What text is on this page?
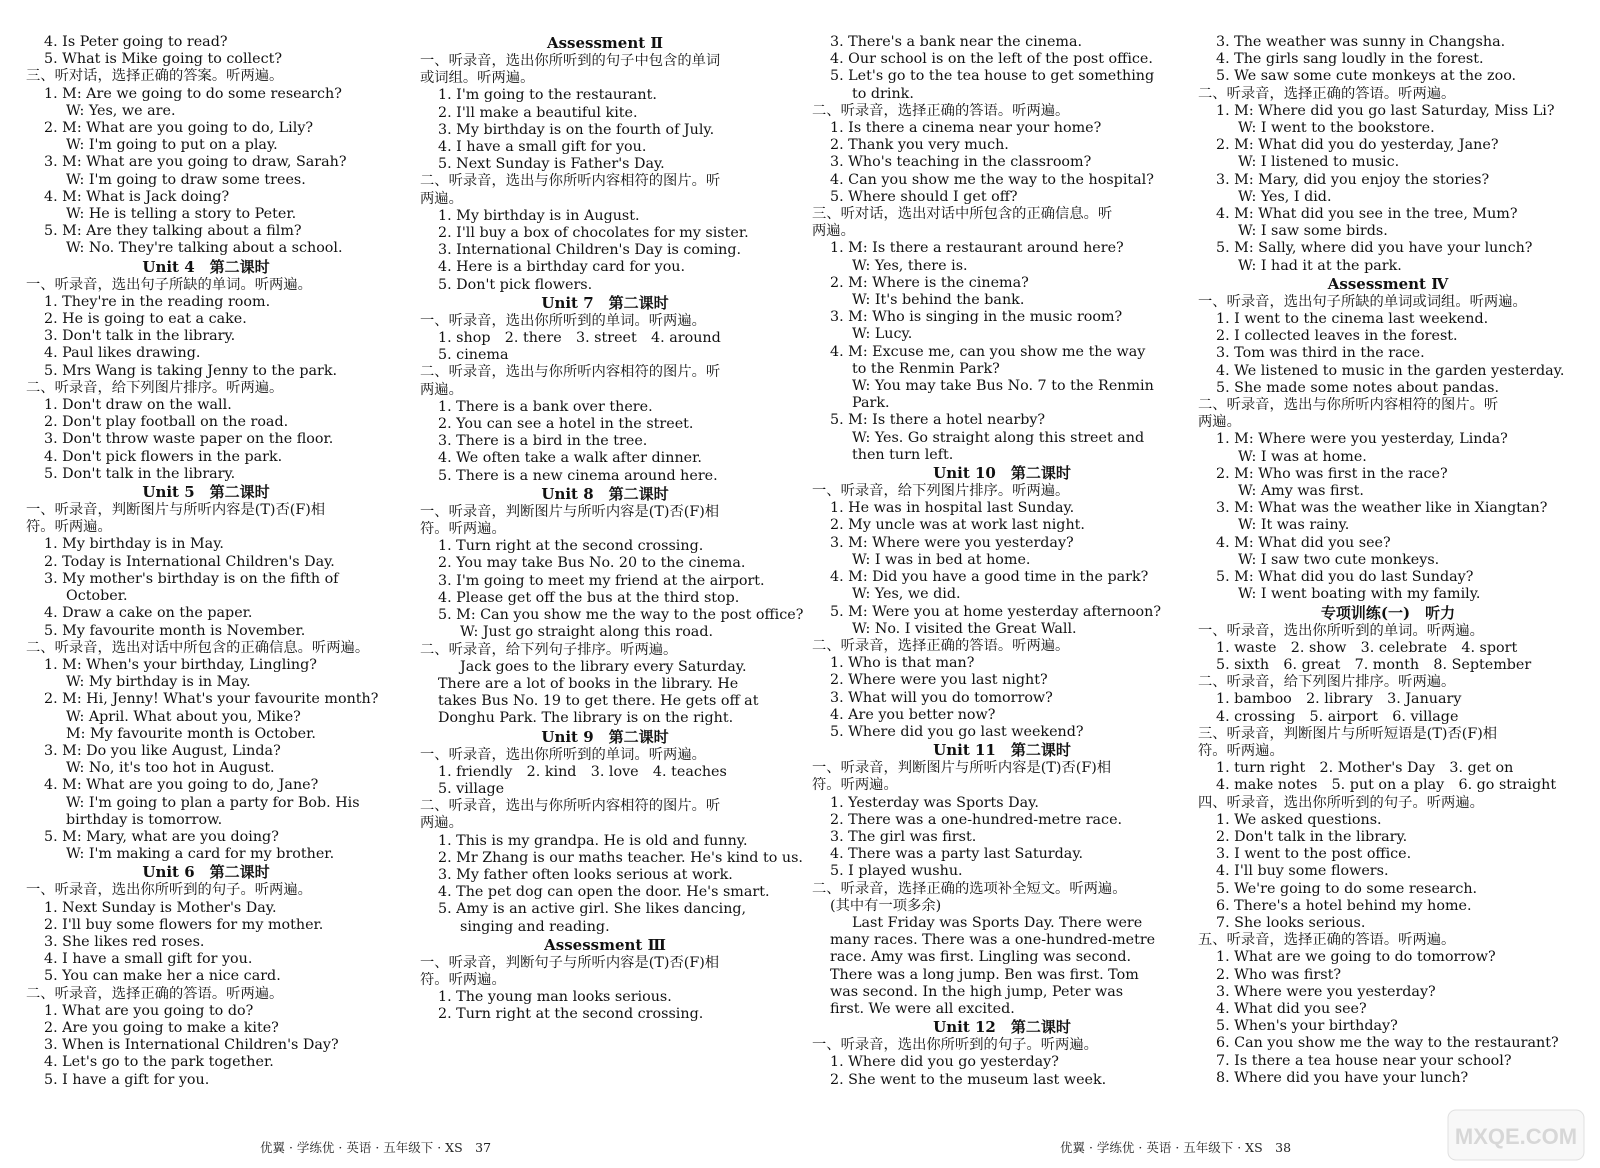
4. Is Peter going to read?
5. What is Mike going to collect?
三、听对话，选择正确的答案。听两遍。
1. M: Are we going to do some research?
W: Yes, we are.
2. M: What are you going to do, Lily?
W: I'm going to put on a play.
3. M: What are you going to draw, Sarah?
W: I'm going to draw some trees.
4. M: What is Jack doing?
W: He is telling a story to Peter.
5. M: Are they talking about a film?
W: No. They're talking about a school.
Unit 4　第二课时
一、听录音，选出句子所缺的单词。听两遍。
1. They're in the reading room.
2. He is going to eat a cake.
3. Don't talk in the library.
4. Paul likes drawing.
5. Mrs Wang is taking Jenny to the park.
二、听录音，给下列图片排序。听两遍。
1. Don't draw on the wall.
2. Don't play football on the road.
3. Don't throw waste paper on the floor.
4. Don't pick flowers in the park.
5. Don't talk in the library.
Unit 5　第二课时
一、听录音，判断图片与所听内容是(T)否(F)相
符。听两遍。
1. My birthday is in May.
2. Today is International Children's Day.
3. My mother's birthday is on the fifth of
October.
4. Draw a cake on the paper.
5. My favourite month is November.
二、听录音，选出对话中所包含的正确信息。听两遍。
1. M: When's your birthday, Lingling?
W: My birthday is in May.
2. M: Hi, Jenny! What's your favourite month?
W: April. What about you, Mike?
M: My favourite month is October.
3. M: Do you like August, Linda?
W: No, it's too hot in August.
4. M: What are you going to do, Jane?
W: I'm going to plan a party for Bob. His
birthday is tomorrow.
5. M: Mary, what are you doing?
W: I'm making a card for my brother.
Unit 6　第二课时
一、听录音，选出你所听到的句子。听两遍。
1. Next Sunday is Mother's Day.
2. I'll buy some flowers for my mother.
3. She likes red roses.
4. I have a small gift for you.
5. You can make her a nice card.
二、听录音，选择正确的答语。听两遍。
1. What are you going to do?
2. Are you going to make a kite?
3. When is International Children's Day?
4. Let's go to the park together.
5. I have a gift for you.
Assessment Ⅱ
一、听录音，选出你所听到的句子中包含的单词
或词组。听两遍。
1. I'm going to the restaurant.
2. I'll make a beautiful kite.
3. My birthday is on the fourth of July.
4. I have a small gift for you.
5. Next Sunday is Father's Day.
二、听录音，选出与你所听内容相符的图片。听
两遍。
1. My birthday is in August.
2. I'll buy a box of chocolates for my sister.
3. International Children's Day is coming.
4. Here is a birthday card for you.
5. Don't pick flowers.
Unit 7　第二课时
一、听录音，选出你所听到的单词。听两遍。
1. shop　2. there　3. street　4. around
5. cinema
二、听录音，选出与你所听内容相符的图片。听
两遍。
1. There is a bank over there.
2. You can see a hotel in the street.
3. There is a bird in the tree.
4. We often take a walk after dinner.
5. There is a new cinema around here.
Unit 8　第二课时
一、听录音，判断图片与所听内容是(T)否(F)相
符。听两遍。
1. Turn right at the second crossing.
2. You may take Bus No. 20 to the cinema.
3. I'm going to meet my friend at the airport.
4. Please get off the bus at the third stop.
5. M: Can you show me the way to the post office?
W: Just go straight along this road.
二、听录音，给下列句子排序。听两遍。
Jack goes to the library every Saturday.
There are a lot of books in the library. He
takes Bus No. 19 to get there. He gets off at
Donghu Park. The library is on the right.
Unit 9　第二课时
一、听录音，选出你所听到的单词。听两遍。
1. friendly　2. kind　3. love　4. teaches
5. village
二、听录音，选出与你所听内容相符的图片。听
两遍。
1. This is my grandpa. He is old and funny.
2. Mr Zhang is our maths teacher. He's kind to us.
3. My father often looks serious at work.
4. The pet dog can open the door. He's smart.
5. Amy is an active girl. She likes dancing,
singing and reading.
Assessment Ⅲ
一、听录音，判断句子与所听内容是(T)否(F)相
符。听两遍。
1. The young man looks serious.
2. Turn right at the second crossing.
3. There's a bank near the cinema.
4. Our school is on the left of the post office.
5. Let's go to the tea house to get something
to drink.
二、听录音，选择正确的答语。听两遍。
1. Is there a cinema near your home?
2. Thank you very much.
3. Who's teaching in the classroom?
4. Can you show me the way to the hospital?
5. Where should I get off?
三、听对话，选出对话中所包含的正确信息。听
两遍。
1. M: Is there a restaurant around here?
W: Yes, there is.
2. M: Where is the cinema?
W: It's behind the bank.
3. M: Who is singing in the music room?
W: Lucy.
4. M: Excuse me, can you show me the way
to the Renmin Park?
W: You may take Bus No. 7 to the Renmin
Park.
5. M: Is there a hotel nearby?
W: Yes. Go straight along this street and
then turn left.
Unit 10　第二课时
一、听录音，给下列图片排序。听两遍。
1. He was in hospital last Sunday.
2. My uncle was at work last night.
3. M: Where were you yesterday?
W: I was in bed at home.
4. M: Did you have a good time in the park?
W: Yes, we did.
5. M: Were you at home yesterday afternoon?
W: No. I visited the Great Wall.
二、听录音，选择正确的答语。听两遍。
1. Who is that man?
2. Where were you last night?
3. What will you do tomorrow?
4. Are you better now?
5. Where did you go last weekend?
Unit 11　第二课时
一、听录音，判断图片与所听内容是(T)否(F)相
符。听两遍。
1. Yesterday was Sports Day.
2. There was a one-hundred-metre race.
3. The girl was first.
4. There was a party last Saturday.
5. I played wushu.
二、听录音，选择正确的选项补全短文。听两遍。
(其中有一项多余)
Last Friday was Sports Day. There were
many races. There was a one-hundred-metre
race. Amy was first. Lingling was second.
There was a long jump. Ben was first. Tom
was second. In the high jump, Peter was
first. We were all excited.
Unit 12　第二课时
一、听录音，选出你所听到的句子。听两遍。
1. Where did you go yesterday?
2. She went to the museum last week.
3. The weather was sunny in Changsha.
4. The girls sang loudly in the forest.
5. We saw some cute monkeys at the zoo.
二、听录音，选择正确的答语。听两遍。
1. M: Where did you go last Saturday, Miss Li?
W: I went to the bookstore.
2. M: What did you do yesterday, Jane?
W: I listened to music.
3. M: Mary, did you enjoy the stories?
W: Yes, I did.
4. M: What did you see in the tree, Mum?
W: I saw some birds.
5. M: Sally, where did you have your lunch?
W: I had it at the park.
Assessment Ⅳ
一、听录音，选出句子所缺的单词或词组。听两遍。
1. I went to the cinema last weekend.
2. I collected leaves in the forest.
3. Tom was third in the race.
4. We listened to music in the garden yesterday.
5. She made some notes about pandas.
二、听录音，选出与你所听内容相符的图片。听
两遍。
1. M: Where were you yesterday, Linda?
W: I was at home.
2. M: Who was first in the race?
W: Amy was first.
3. M: What was the weather like in Xiangtan?
W: It was rainy.
4. M: What did you see?
W: I saw two cute monkeys.
5. M: What did you do last Sunday?
W: I went boating with my family.
专项训练(一)　听力
一、听录音，选出你所听到的单词。听两遍。
1. waste　2. show　3. celebrate　4. sport
5. sixth　6. great　7. month　8. September
二、听录音，给下列图片排序。听两遍。
1. bamboo　2. library　3. January
4. crossing　5. airport　6. village
三、听录音，判断图片与所听短语是(T)否(F)相
符。听两遍。
1. turn right　2. Mother's Day　3. get on
4. make notes　5. put on a play　6. go straight
四、听录音，选出你所听到的句子。听两遍。
1. We asked questions.
2. Don't talk in the library.
3. I went to the post office.
4. I'll buy some flowers.
5. We're going to do some research.
6. There's a hotel behind my home.
7. She looks serious.
五、听录音，选择正确的答语。听两遍。
1. What are we going to do tomorrow?
2. Who was first?
3. Where were you yesterday?
4. What did you see?
5. When's your birthday?
6. Can you show me the way to the restaurant?
7. Is there a tea house near your school?
8. Where did you have your lunch?
优翼 · 学练优 · 英语 · 五年级下 · XS　37	优翼 · 学练优 · 英语 · 五年级下 · XS　38	MXQE.COM
